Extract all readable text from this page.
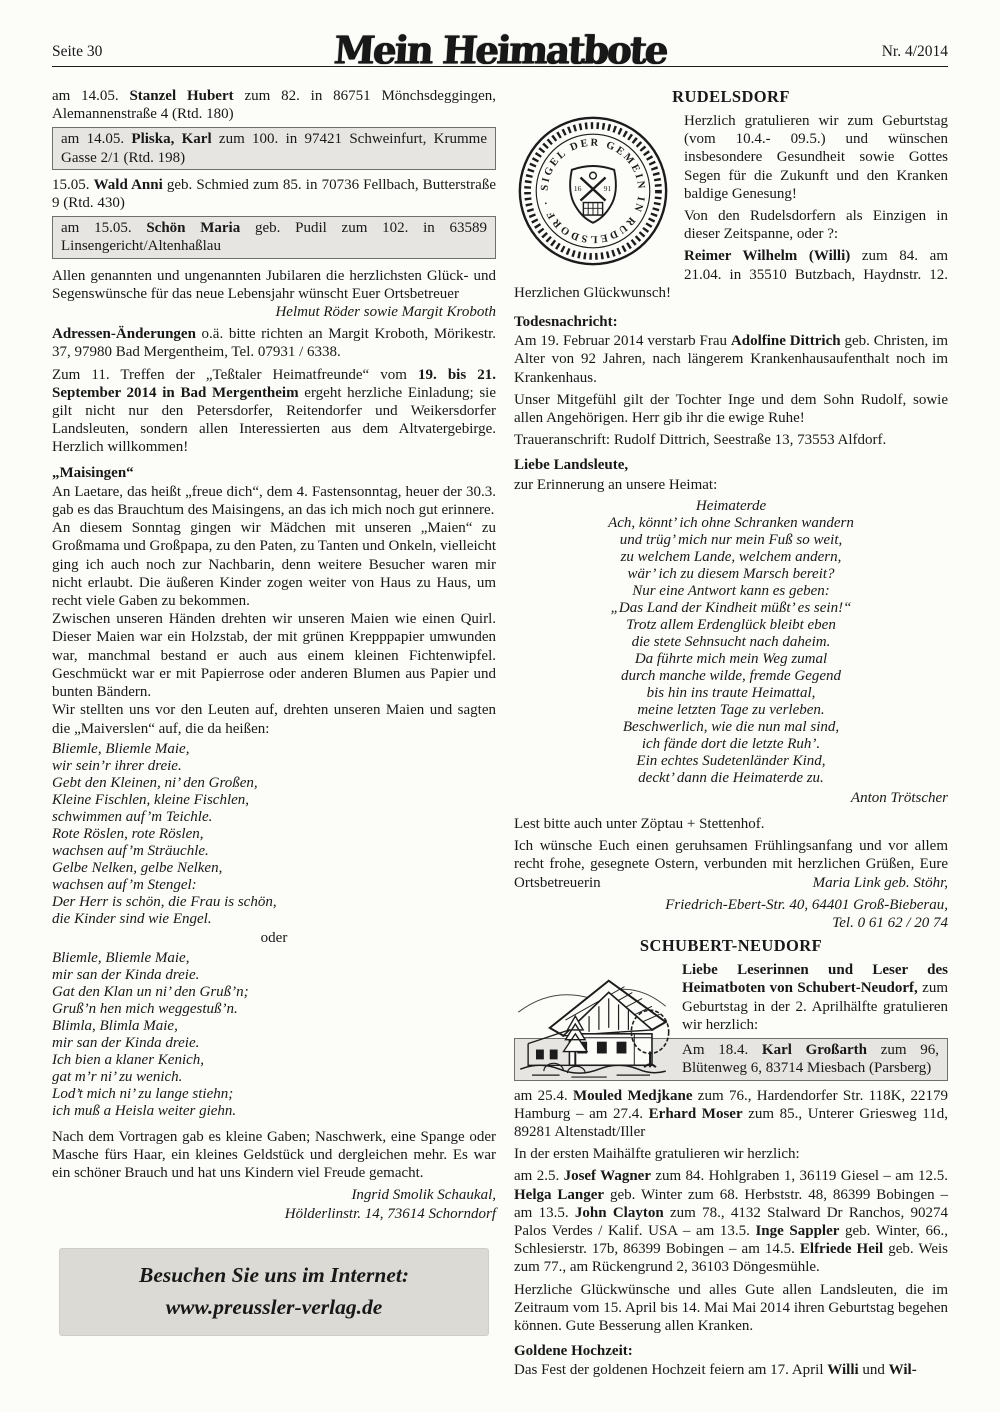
Seite 30	Mein Heimatbote	Nr. 4/2014

am 14.05. Stanzel Hubert zum 82. in 86751 Mönchsdeggingen, Alemannenstraße 4 (Rtd. 180)

am 14.05. Pliska, Karl zum 100. in 97421 Schweinfurt, Krumme Gasse 2/1 (Rtd. 198)

15.05. Wald Anni geb. Schmied zum 85. in 70736 Fellbach, Butterstraße 9 (Rtd. 430)

am 15.05. Schön Maria geb. Pudil zum 102. in 63589 Linsengericht/Altenhaßlau

Allen genannten und ungenannten Jubilaren die herzlichsten Glück- und Segenswünsche für das neue Lebensjahr wünscht Euer Ortsbetreuer
Helmut Röder sowie Margit Kroboth

Adressen-Änderungen o.ä. bitte richten an Margit Kroboth, Mörikestr. 37, 97980 Bad Mergentheim, Tel. 07931 / 6338.

Zum 11. Treffen der „Teßtaler Heimatfreunde“ vom 19. bis 21. September 2014 in Bad Mergentheim ergeht herzliche Einladung; sie gilt nicht nur den Petersdorfer, Reitendorfer und Weikersdorfer Landsleuten, sondern allen Interessierten aus dem Altvatergebirge. Herzlich willkommen!

„Maisingen“

An Laetare, das heißt „freue dich“, dem 4. Fastensonntag, heuer der 30.3. gab es das Brauchtum des Maisingens, an das ich mich noch gut erinnere.

An diesem Sonntag gingen wir Mädchen mit unseren „Maien“ zu Großmama und Großpapa, zu den Paten, zu Tanten und Onkeln, vielleicht ging ich auch noch zur Nachbarin, denn weitere Besucher waren mir nicht erlaubt. Die äußeren Kinder zogen weiter von Haus zu Haus, um recht viele Gaben zu bekommen.

Zwischen unseren Händen drehten wir unseren Maien wie einen Quirl. Dieser Maien war ein Holzstab, der mit grünen Krepppapier umwunden war, manchmal bestand er auch aus einem kleinen Fichtenwipfel. Geschmückt war er mit Papierrose oder anderen Blumen aus Papier und bunten Bändern.

Wir stellten uns vor den Leuten auf, drehten unseren Maien und sagten die „Maiverslen“ auf, die da heißen:

Bliemle, Bliemle Maie,
wir sein’r ihrer dreie.
Gebt den Kleinen, ni’ den Großen,
Kleine Fischlen, kleine Fischlen,
schwimmen auf’m Teichle.
Rote Röslen, rote Röslen,
wachsen auf’m Sträuchle.
Gelbe Nelken, gelbe Nelken,
wachsen auf’m Stengel:
Der Herr is schön, die Frau is schön,
die Kinder sind wie Engel.
oder
Bliemle, Bliemle Maie,
mir san der Kinda dreie.
Gat den Klan un ni’ den Gruß’n;
Gruß’n hen mich weggestuß’n.
Blimla, Blimla Maie,
mir san der Kinda dreie.
Ich bien a klaner Kenich,
gat m’r ni’ zu wenich.
Lod’t mich ni’ zu lange stiehn;
ich muß a Heisla weiter giehn.

Nach dem Vortragen gab es kleine Gaben; Naschwerk, eine Spange oder Masche fürs Haar, ein kleines Geldstück und dergleichen mehr. Es war ein schöner Brauch und hat uns Kindern viel Freude gemacht.

Ingrid Smolik Schaukal,
Hölderlinstr. 14, 73614 Schorndorf
Besuchen Sie uns im Internet:
www.preussler-verlag.de
RUDELSDORF
SIGEL DER GEMEIN IN RUDELSDORF ·
16	91

Herzlich gratulieren wir zum Geburtstag (vom 10.4.- 09.5.) und wünschen insbesondere Gesundheit sowie Gottes Segen für die Zukunft und den Kranken baldige Genesung!

Von den Rudelsdorfern als Einzigen in dieser Zeitspanne, oder ?:

Reimer Wilhelm (Willi) zum 84. am 21.04. in 35510 Butzbach, Haydnstr. 12. Herzlichen Glückwunsch!

Todesnachricht:

Am 19. Februar 2014 verstarb Frau Adolfine Dittrich geb. Christen, im Alter von 92 Jahren, nach längerem Krankenhausaufenthalt noch im Krankenhaus.

Unser Mitgefühl gilt der Tochter Inge und dem Sohn Rudolf, sowie allen Angehörigen. Herr gib ihr die ewige Ruhe!

Traueranschrift: Rudolf Dittrich, Seestraße 13, 73553 Alfdorf.

Liebe Landsleute,

zur Erinnerung an unsere Heimat:

Heimaterde
Ach, könnt’ ich ohne Schranken wandern
und trüg’ mich nur mein Fuß so weit,
zu welchem Lande, welchem andern,
wär’ ich zu diesem Marsch bereit?
Nur eine Antwort kann es geben:
„Das Land der Kindheit müßt’ es sein!“
Trotz allem Erdenglück bleibt eben
die stete Sehnsucht nach daheim.
Da führte mich mein Weg zumal
durch manche wilde, fremde Gegend
bis hin ins traute Heimattal,
meine letzten Tage zu verleben.
Beschwerlich, wie die nun mal sind,
ich fände dort die letzte Ruh’.
Ein echtes Sudetenländer Kind,
deckt’ dann die Heimaterde zu.
Anton Trötscher

Lest bitte auch unter Zöptau + Stettenhof.

Ich wünsche Euch einen geruhsamen Frühlingsanfang und vor allem recht frohe, gesegnete Ostern, verbunden mit herzlichen Grüßen, Eure Ortsbetreuerin	Maria Link geb. Stöhr,

Friedrich-Ebert-Str. 40, 64401 Groß-Bieberau,
Tel. 0 61 62 / 20 74
SCHUBERT-NEUDORF

Liebe Leserinnen und Leser des Heimatboten von Schubert-Neudorf, zum Geburtstag in der 2. Aprilhälfte gratulieren wir herzlich:

Am 18.4. Karl Großarth zum 96, Blütenweg 6, 83714 Miesbach (Parsberg)

am 25.4. Mouled Medjkane zum 76., Hardendorfer Str. 118K, 22179 Hamburg – am 27.4. Erhard Moser zum 85., Unterer Griesweg 11d, 89281 Altenstadt/Iller

In der ersten Maihälfte gratulieren wir herzlich:

am 2.5. Josef Wagner zum 84. Hohlgraben 1, 36119 Giesel – am 12.5. Helga Langer geb. Winter zum 68. Herbststr. 48, 86399 Bobingen – am 13.5. John Clayton zum 78., 4132 Stalward Dr Ranchos, 90274 Palos Verdes / Kalif. USA – am 13.5. Inge Sappler geb. Winter, 66., Schlesierstr. 17b, 86399 Bobingen – am 14.5. Elfriede Heil geb. Weis zum 77., am Rückengrund 2, 36103 Döngesmühle.

Herzliche Glückwünsche und alles Gute allen Landsleuten, die im Zeitraum vom 15. April bis 14. Mai Mai 2014 ihren Geburtstag begehen können. Gute Besserung allen Kranken.

Goldene Hochzeit:

Das Fest der goldenen Hochzeit feiern am 17. April Willi und Wil-
